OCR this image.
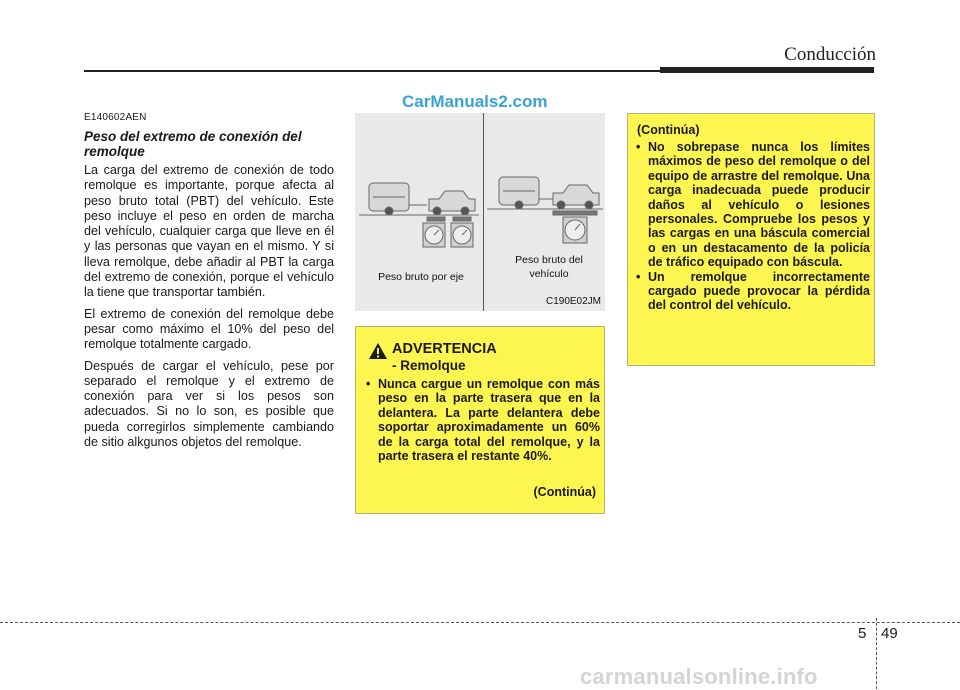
Conducción
CarManuals2.com
E140602AEN
Peso del extremo de conexión del remolque

La carga del extremo de conexión de todo remolque es importante, porque afecta al peso bruto total (PBT) del vehículo. Este peso incluye el peso en orden de marcha del vehículo, cualquier carga que lleve en él y las personas que vayan en el mismo. Y si lleva remolque, debe añadir al PBT la carga del extremo de conexión, porque el vehículo la tiene que transportar también.

El extremo de conexión del remolque debe pesar como máximo el 10% del peso del remolque totalmente cargado.

Después de cargar el vehículo, pese por separado el remolque y el extremo de conexión para ver si los pesos son adecuados. Si no lo son, es posible que pueda corregirlos simplemente cambiando de sitio alkgunos objetos del remolque.

Peso bruto por eje
Peso bruto del
vehículo
C190E02JM
ADVERTENCIA
- Remolque
• Nunca cargue un remolque con más peso en la parte trasera que en la delantera. La parte delantera debe soportar aproximadamente un 60% de la carga total del remolque, y la parte trasera el restante 40%.
(Continúa)
(Continúa)
• No sobrepase nunca los límites máximos de peso del remolque o del equipo de arrastre del remolque. Una carga inadecuada puede producir daños al vehículo o lesiones personales. Compruebe los pesos y las cargas en una báscula comercial o en un destacamento de la policía de tráfico equipado con báscula.
• Un remolque incorrectamente cargado puede provocar la pérdida del control del vehículo.
5 49
carmanualsonline.info
